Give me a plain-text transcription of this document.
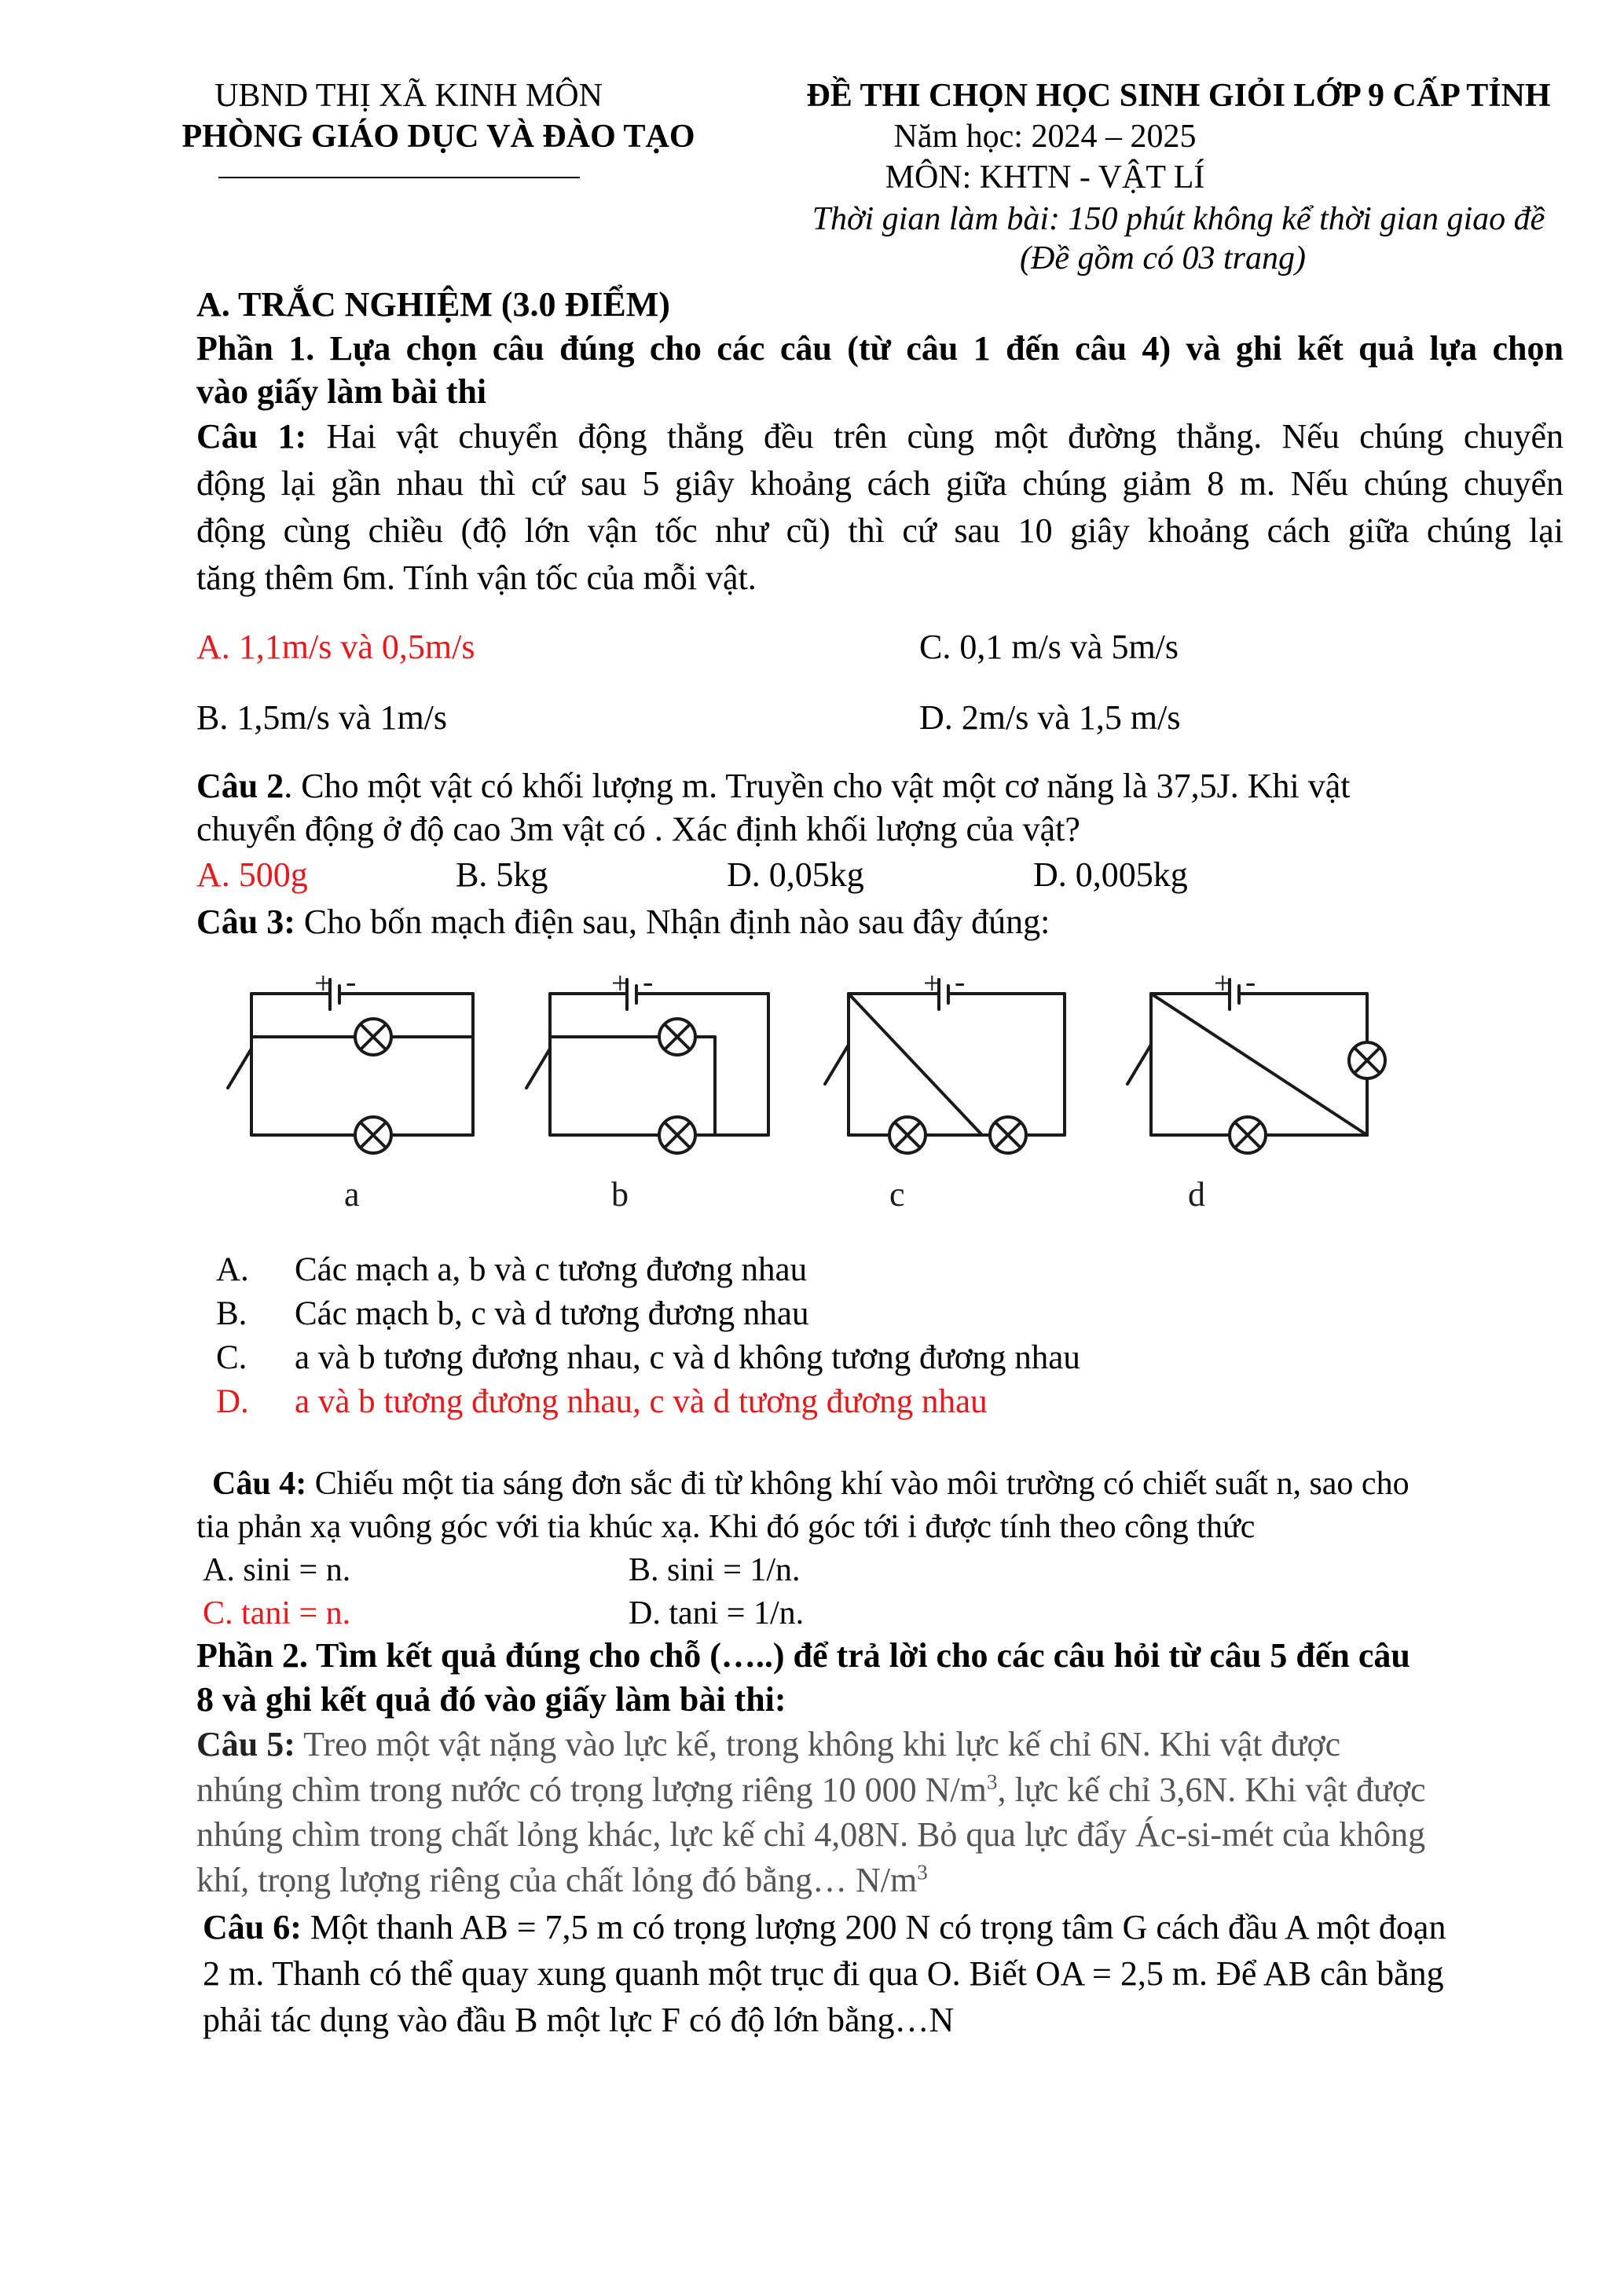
UBND THỊ XÃ KINH MÔN
PHÒNG GIÁO DỤC VÀ ĐÀO TẠO
ĐỀ THI CHỌN HỌC SINH GIỎI LỚP 9 CẤP TỈNH
Năm học: 2024 – 2025
MÔN: KHTN - VẬT LÍ
Thời gian làm bài: 150 phút không kể thời gian giao đề
(Đề gồm có 03 trang)
A. TRẮC NGHIỆM (3.0 ĐIỂM)
Phần 1. Lựa chọn câu đúng cho các câu (từ câu 1 đến câu 4) và ghi kết quả lựa chọn
vào giấy làm bài thi
Câu 1: Hai vật chuyển động thẳng đều trên cùng một đường thẳng. Nếu chúng chuyển
động lại gần nhau thì cứ sau 5 giây khoảng cách giữa chúng giảm 8 m. Nếu chúng chuyển
động cùng chiều (độ lớn vận tốc như cũ) thì cứ sau 10 giây khoảng cách giữa chúng lại
tăng thêm 6m. Tính vận tốc của mỗi vật.
A. 1,1m/s và 0,5m/s	C. 0,1 m/s và 5m/s
B. 1,5m/s và 1m/s	D. 2m/s và 1,5 m/s
Câu 2. Cho một vật có khối lượng m. Truyền cho vật một cơ năng là 37,5J. Khi vật
chuyển động ở độ cao 3m vật có . Xác định khối lượng của vật?
A. 500g	B. 5kg	D. 0,05kg	D. 0,005kg
Câu 3: Cho bốn mạch điện sau, Nhận định nào sau đây đúng:
+ -	+ -	+ -	+ -
a	b	c	d
A. Các mạch a, b và c tương đương nhau
B. Các mạch b, c và d tương đương nhau
C. a và b tương đương nhau, c và d không tương đương nhau
D. a và b tương đương nhau, c và d tương đương nhau
Câu 4: Chiếu một tia sáng đơn sắc đi từ không khí vào môi trường có chiết suất n, sao cho
tia phản xạ vuông góc với tia khúc xạ. Khi đó góc tới i được tính theo công thức
A. sini = n.	B. sini = 1/n.
C. tani = n.	D. tani = 1/n.
Phần 2. Tìm kết quả đúng cho chỗ (…..) để trả lời cho các câu hỏi từ câu 5 đến câu
8 và ghi kết quả đó vào giấy làm bài thi:
Câu 5: Treo một vật nặng vào lực kế, trong không khi lực kế chỉ 6N. Khi vật được
nhúng chìm trong nước có trọng lượng riêng 10 000 $N/m^3$, lực kế chỉ 3,6N. Khi vật được
nhúng chìm trong chất lỏng khác, lực kế chỉ 4,08N. Bỏ qua lực đẩy Ác-si-mét của không
khí, trọng lượng riêng của chất lỏng đó bằng… $N/m^3$
Câu 6: Một thanh AB = 7,5 m có trọng lượng 200 N có trọng tâm G cách đầu A một đoạn
2 m. Thanh có thể quay xung quanh một trục đi qua O. Biết OA = 2,5 m. Để AB cân bằng
phải tác dụng vào đầu B một lực F có độ lớn bằng…N
